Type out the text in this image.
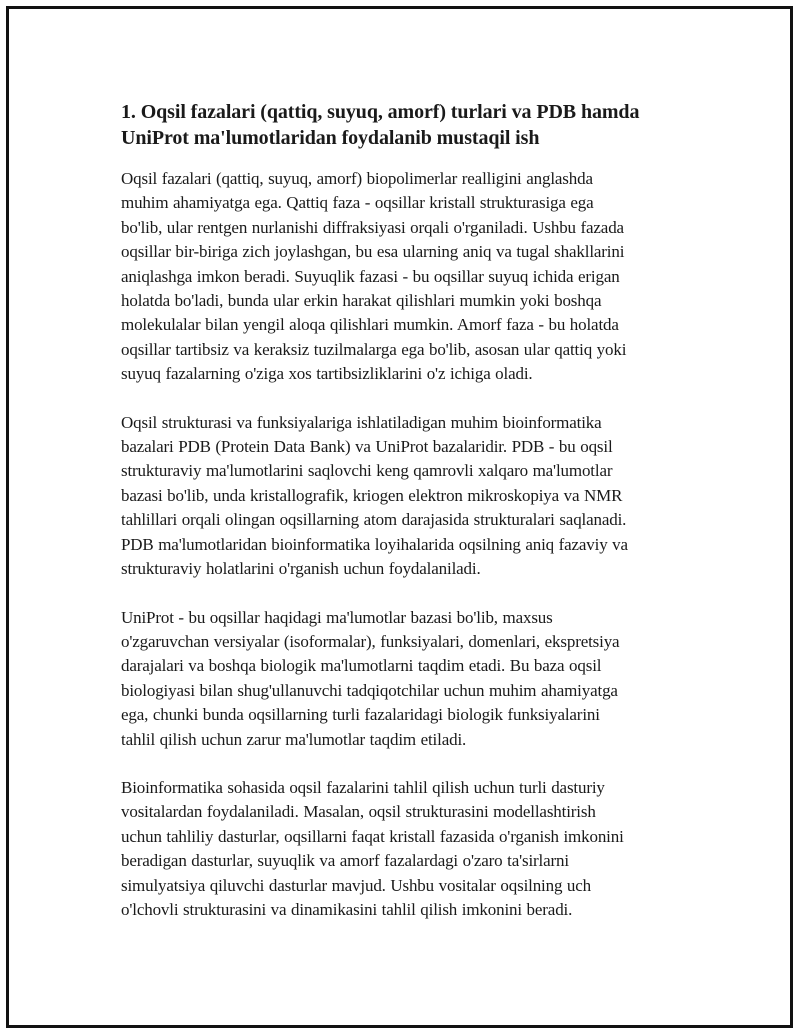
1. Oqsil fazalari (qattiq, suyuq, amorf) turlari va PDB hamda
UniProt ma'lumotlaridan foydalanib mustaqil ish

Oqsil fazalari (qattiq, suyuq, amorf) biopolimerlar realligini anglashda
muhim ahamiyatga ega. Qattiq faza - oqsillar kristall strukturasiga ega
bo'lib, ular rentgen nurlanishi diffraksiyasi orqali o'rganiladi. Ushbu fazada
oqsillar bir-biriga zich joylashgan, bu esa ularning aniq va tugal shakllarini
aniqlashga imkon beradi. Suyuqlik fazasi - bu oqsillar suyuq ichida erigan
holatda bo'ladi, bunda ular erkin harakat qilishlari mumkin yoki boshqa
molekulalar bilan yengil aloqa qilishlari mumkin. Amorf faza - bu holatda
oqsillar tartibsiz va keraksiz tuzilmalarga ega bo'lib, asosan ular qattiq yoki
suyuq fazalarning o'ziga xos tartibsizliklarini o'z ichiga oladi.

Oqsil strukturasi va funksiyalariga ishlatiladigan muhim bioinformatika
bazalari PDB (Protein Data Bank) va UniProt bazalaridir. PDB - bu oqsil
strukturaviy ma'lumotlarini saqlovchi keng qamrovli xalqaro ma'lumotlar
bazasi bo'lib, unda kristallografik, kriogen elektron mikroskopiya va NMR
tahlillari orqali olingan oqsillarning atom darajasida strukturalari saqlanadi.
PDB ma'lumotlaridan bioinformatika loyihalarida oqsilning aniq fazaviy va
strukturaviy holatlarini o'rganish uchun foydalaniladi.

UniProt - bu oqsillar haqidagi ma'lumotlar bazasi bo'lib, maxsus
o'zgaruvchan versiyalar (isoformalar), funksiyalari, domenlari, ekspretsiya
darajalari va boshqa biologik ma'lumotlarni taqdim etadi. Bu baza oqsil
biologiyasi bilan shug'ullanuvchi tadqiqotchilar uchun muhim ahamiyatga
ega, chunki bunda oqsillarning turli fazalaridagi biologik funksiyalarini
tahlil qilish uchun zarur ma'lumotlar taqdim etiladi.

Bioinformatika sohasida oqsil fazalarini tahlil qilish uchun turli dasturiy
vositalardan foydalaniladi. Masalan, oqsil strukturasini modellashtirish
uchun tahliliy dasturlar, oqsillarni faqat kristall fazasida o'rganish imkonini
beradigan dasturlar, suyuqlik va amorf fazalardagi o'zaro ta'sirlarni
simulyatsiya qiluvchi dasturlar mavjud. Ushbu vositalar oqsilning uch
o'lchovli strukturasini va dinamikasini tahlil qilish imkonini beradi.
